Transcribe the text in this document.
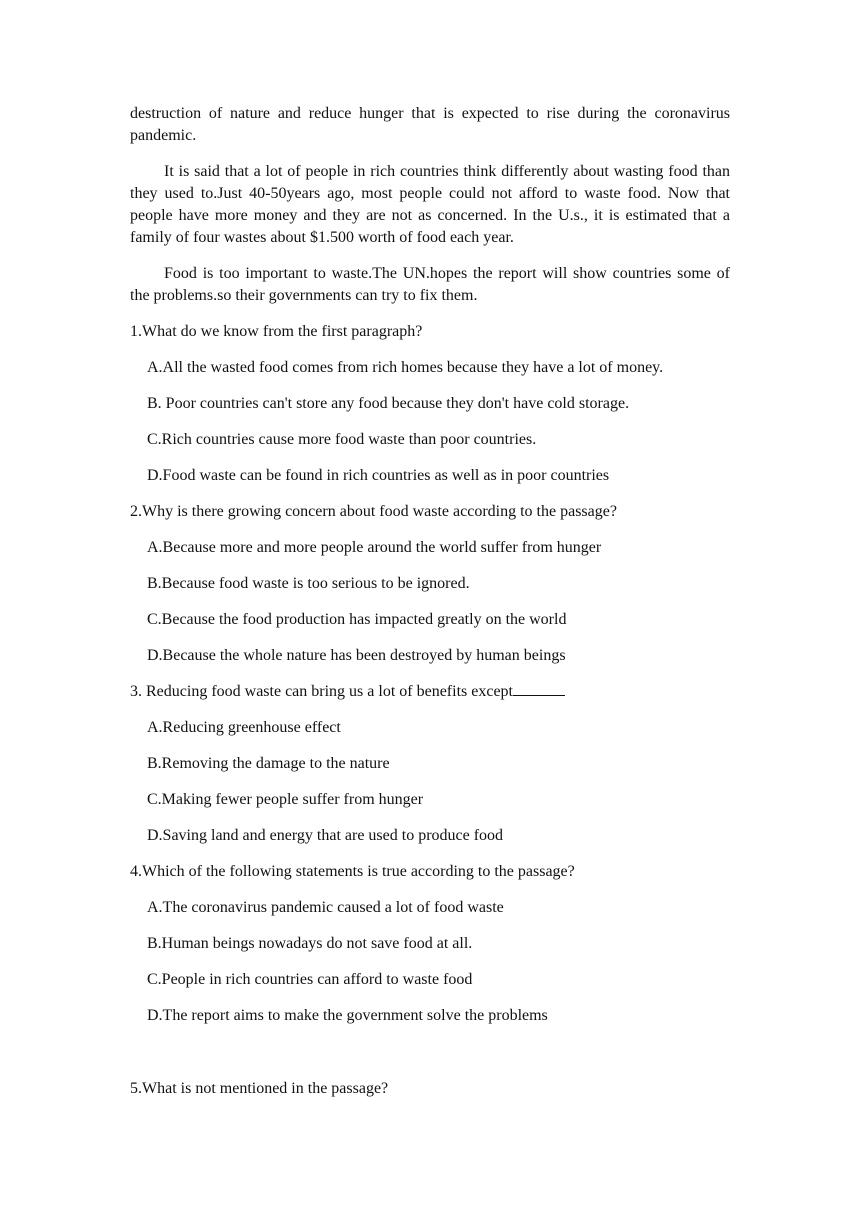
destruction of nature and reduce hunger that is expected to rise during the coronavirus pandemic.

It is said that a lot of people in rich countries think differently about wasting food than they used to.Just 40-50years ago, most people could not afford to waste food. Now that people have more money and they are not as concerned. In the U.s., it is estimated that a family of four wastes about $1.500 worth of food each year.

Food is too important to waste.The UN.hopes the report will show countries some of the problems.so their governments can try to fix them.

1.What do we know from the first paragraph?
A.All the wasted food comes from rich homes because they have a lot of money.
B. Poor countries can't store any food because they don't have cold storage.
C.Rich countries cause more food waste than poor countries.
D.Food waste can be found in rich countries as well as in poor countries
2.Why is there growing concern about food waste according to the passage?
A.Because more and more people around the world suffer from hunger
B.Because food waste is too serious to be ignored.
C.Because the food production has impacted greatly on the world
D.Because the whole nature has been destroyed by human beings
3. Reducing food waste can bring us a lot of benefits except
A.Reducing greenhouse effect
B.Removing the damage to the nature
C.Making fewer people suffer from hunger
D.Saving land and energy that are used to produce food
4.Which of the following statements is true according to the passage?
A.The coronavirus pandemic caused a lot of food waste
B.Human beings nowadays do not save food at all.
C.People in rich countries can afford to waste food
D.The report aims to make the government solve the problems
5.What is not mentioned in the passage?
